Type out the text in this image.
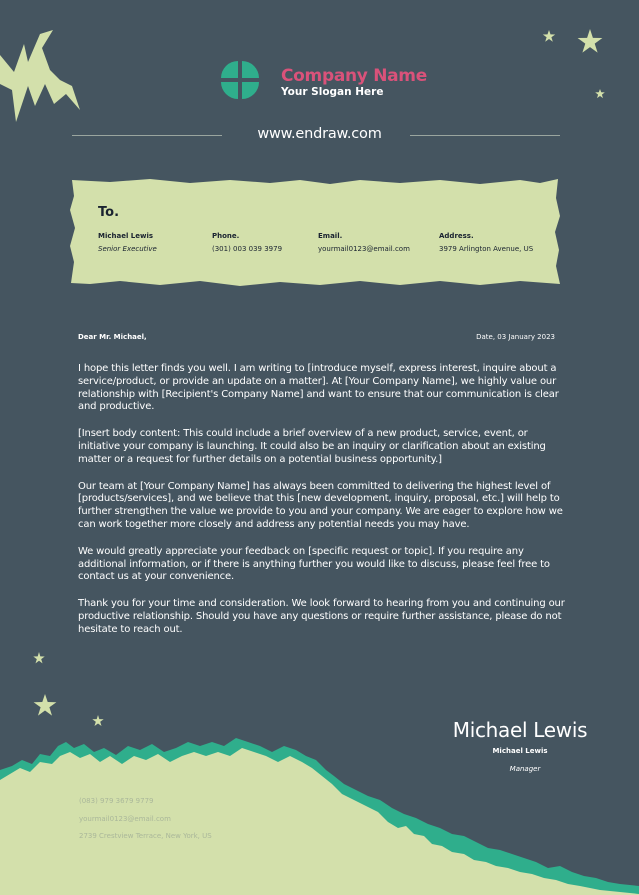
Company Name
Your Slogan Here
www.endraw.com
To.
Michael Lewis
Senior Executive
Phone.
(301) 003 039 3979
Email.
yourmail0123@email.com
Address.
3979 Arlington Avenue, US
Dear Mr. Michael,	Date, 03 January 2023

I hope this letter finds you well. I am writing to [introduce myself, express interest, inquire about a service/product, or provide an update on a matter]. At [Your Company Name], we highly value our relationship with [Recipient's Company Name] and want to ensure that our communication is clear and productive.

[Insert body content: This could include a brief overview of a new product, service, event, or initiative your company is launching. It could also be an inquiry or clarification about an existing matter or a request for further details on a potential business opportunity.]

Our team at [Your Company Name] has always been committed to delivering the highest level of [products/services], and we believe that this [new development, inquiry, proposal, etc.] will help to further strengthen the value we provide to you and your company. We are eager to explore how we can work together more closely and address any potential needs you may have.

We would greatly appreciate your feedback on [specific request or topic]. If you require any additional information, or if there is anything further you would like to discuss, please feel free to contact us at your convenience.

Thank you for your time and consideration. We look forward to hearing from you and continuing our productive relationship. Should you have any questions or require further assistance, please do not hesitate to reach out.

Michael Lewis
Michael Lewis
Manager
(083) 979 3679 9779
yourmail0123@email.com
2739 Crestview Terrace, New York, US
